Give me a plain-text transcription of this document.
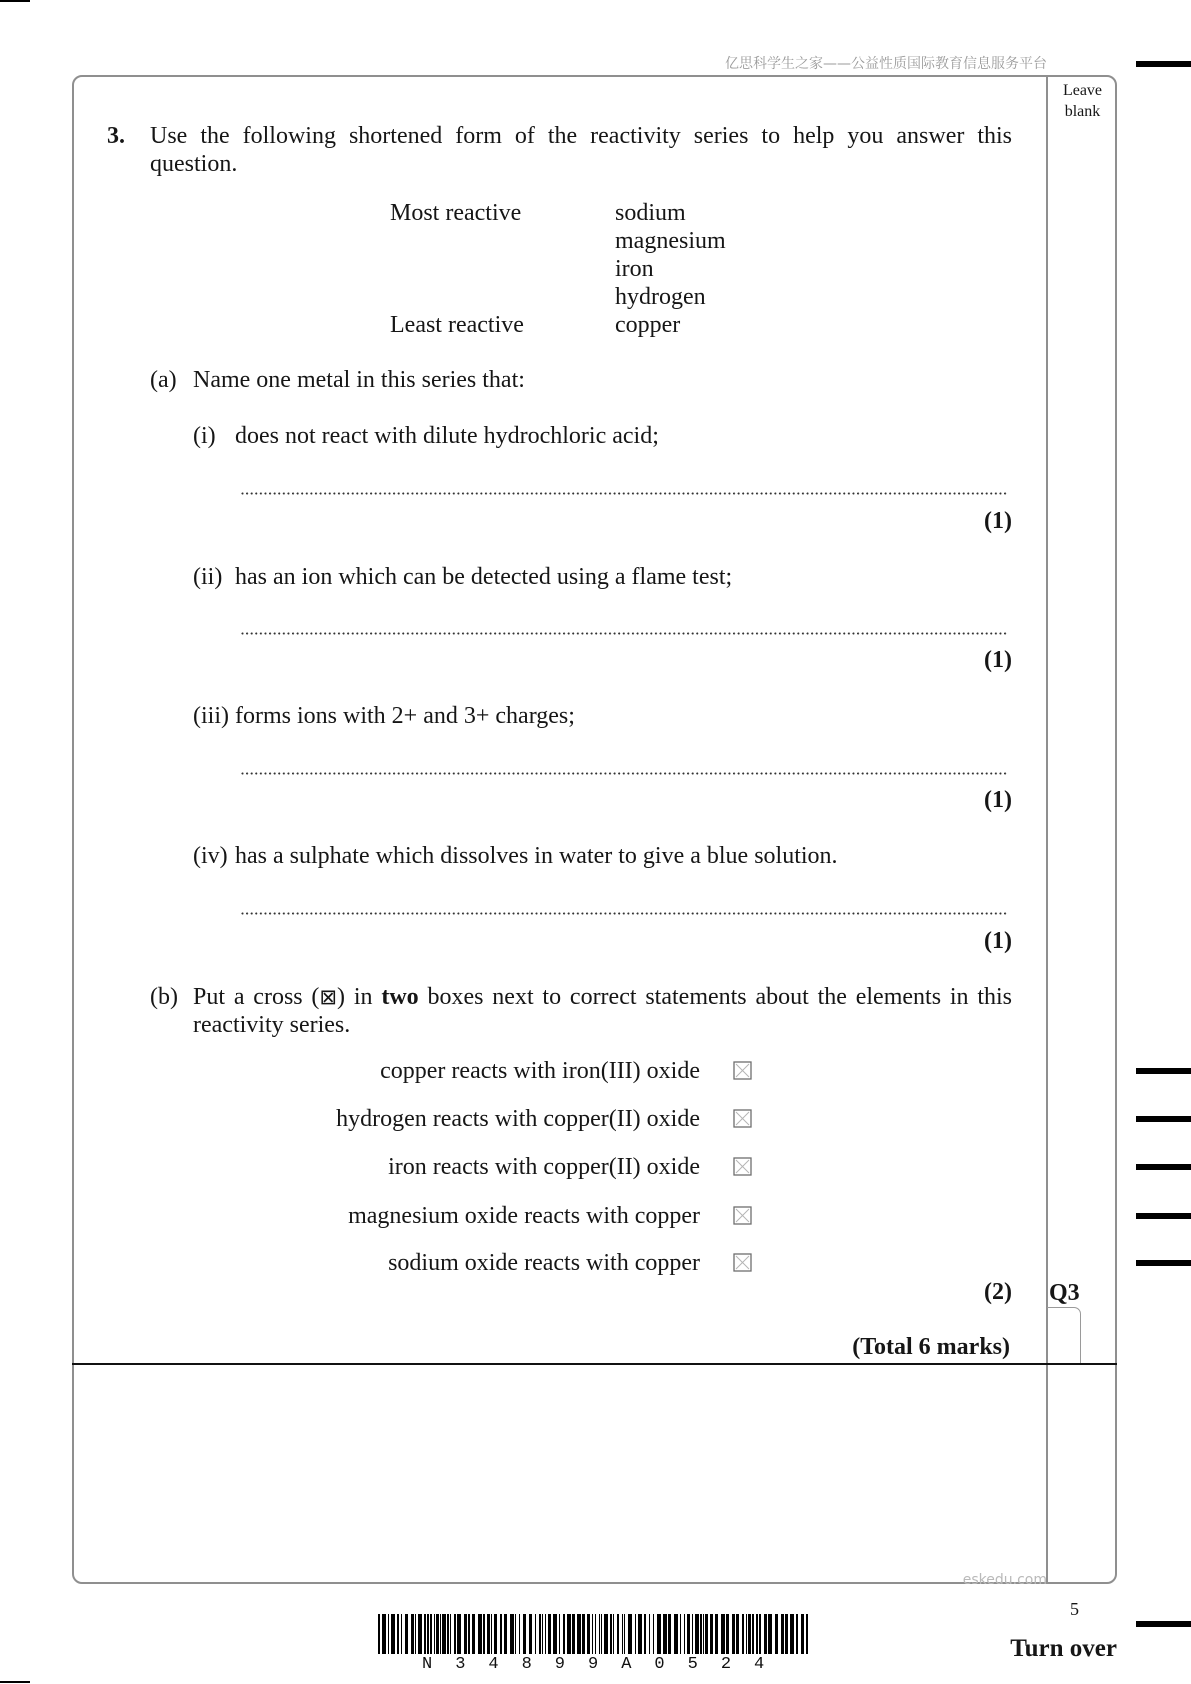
亿思科学生之家——公益性质国际教育信息服务平台
Leave
blank
3. Use the following shortened form of the reactivity series to help you answer this
question.
Most reactive
Least reactive
sodium
magnesium
iron
hydrogen
copper
(a) Name one metal in this series that:
(i) does not react with dilute hydrochloric acid;
(1)
(ii) has an ion which can be detected using a flame test;
(1)
(iii) forms ions with 2+ and 3+ charges;
(1)
(iv) has a sulphate which dissolves in water to give a blue solution.
(1)
(b) Put a cross (⊠) in two boxes next to correct statements about the elements in this
reactivity series.
copper reacts with iron(III) oxide
hydrogen reacts with copper(II) oxide
iron reacts with copper(II) oxide
magnesium oxide reacts with copper
sodium oxide reacts with copper
(2) Q3
(Total 6 marks)
eskedu.com
5
N34899A0524
Turn over
